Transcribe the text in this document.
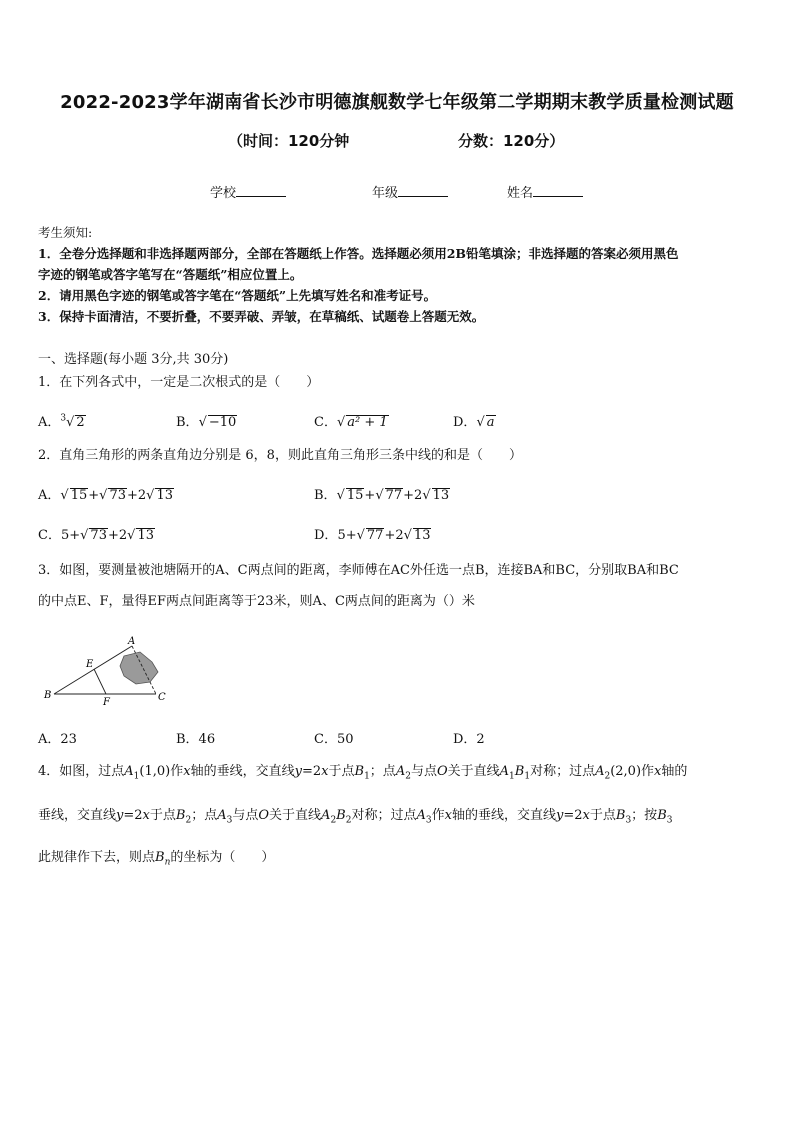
2022-2023学年湖南省长沙市明德旗舰数学七年级第二学期期末教学质量检测试题
（时间：120分钟	分数：120分）
学校	年级	姓名
考生须知:
1．全卷分选择题和非选择题两部分，全部在答题纸上作答。选择题必须用2B铅笔填涂；非选择题的答案必须用黑色
字迹的钢笔或答字笔写在“答题纸”相应位置上。
2．请用黑色字迹的钢笔或答字笔在“答题纸”上先填写姓名和准考证号。
3．保持卡面清洁，不要折叠，不要弄破、弄皱，在草稿纸、试题卷上答题无效。
一、选择题(每小题 3分,共 30分)
1．在下列各式中，一定是二次根式的是（　　）
A．$^3$√ 2	B．√ −10	C．√ a² + 1	D．√ a
2．直角三角形的两条直角边分别是 6，8，则此直角三角形三条中线的和是（　　）
A．√ 15+√ 73+2√ 13	B．√ 15+√ 77+2√ 13
C．5+√ 73+2√ 13	D．5+√ 77+2√ 13
3．如图，要测量被池塘隔开的A、C两点间的距离，李师傅在AC外任选一点B，连接BA和BC，分别取BA和BC
的中点E、F，量得EF两点间距离等于23米，则A、C两点间的距离为（）米
A
B	C
E
F
A．23	B．46	C．50	D．2
4．如图，过点$A_1(1,0)$作x轴的垂线，交直线y=2x于点$B_1$；点$A_2$与点O关于直线$A_1B_1$对称；过点$A_2(2,0)$作x轴的
垂线，交直线y=2x于点$B_2$；点$A_3$与点O关于直线$A_2B_2$对称；过点$A_3$作x轴的垂线，交直线y=2x于点$B_3$；按$B_3$
此规律作下去，则点$B_n$的坐标为（　　）
